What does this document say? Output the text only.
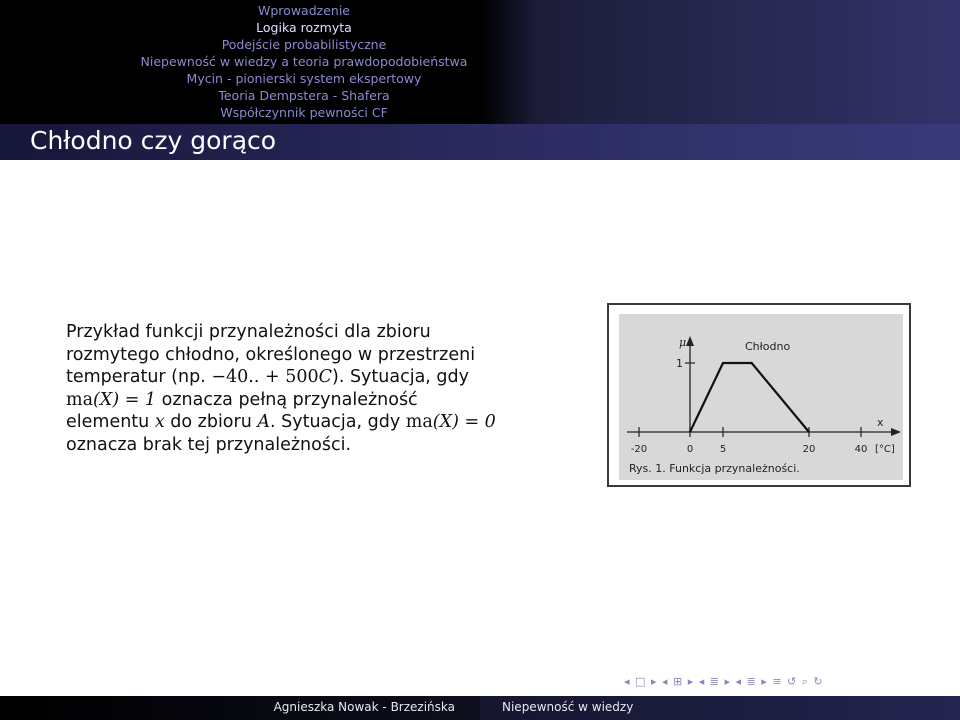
Wprowadzenie
Logika rozmyta
Podejście probabilistyczne
Niepewność w wiedzy a teoria prawdopodobieństwa
Mycin - pionierski system ekspertowy
Teoria Dempstera - Shafera
Współczynnik pewności CF
Chłodno czy gorąco
Przykład funkcji przynależności dla zbioru
rozmytego chłodno, określonego w przestrzeni
temperatur (np. −40.. + 500C). Sytuacja, gdy
ma(X) = 1 oznacza pełną przynależność
elementu x do zbioru A. Sytuacja, gdy ma(X) = 0
oznacza brak tej przynależności.
μ
1
Chłodno
x
-20	0	5	20	40 [°C]
Rys. 1. Funkcja przynależności.
◂ □ ▸ ◂ ⊞ ▸ ◂ ≣ ▸ ◂ ≣ ▸ ≡ ↺ ⌕ ↻
Agnieszka Nowak - Brzezińska	Niepewność w wiedzy
